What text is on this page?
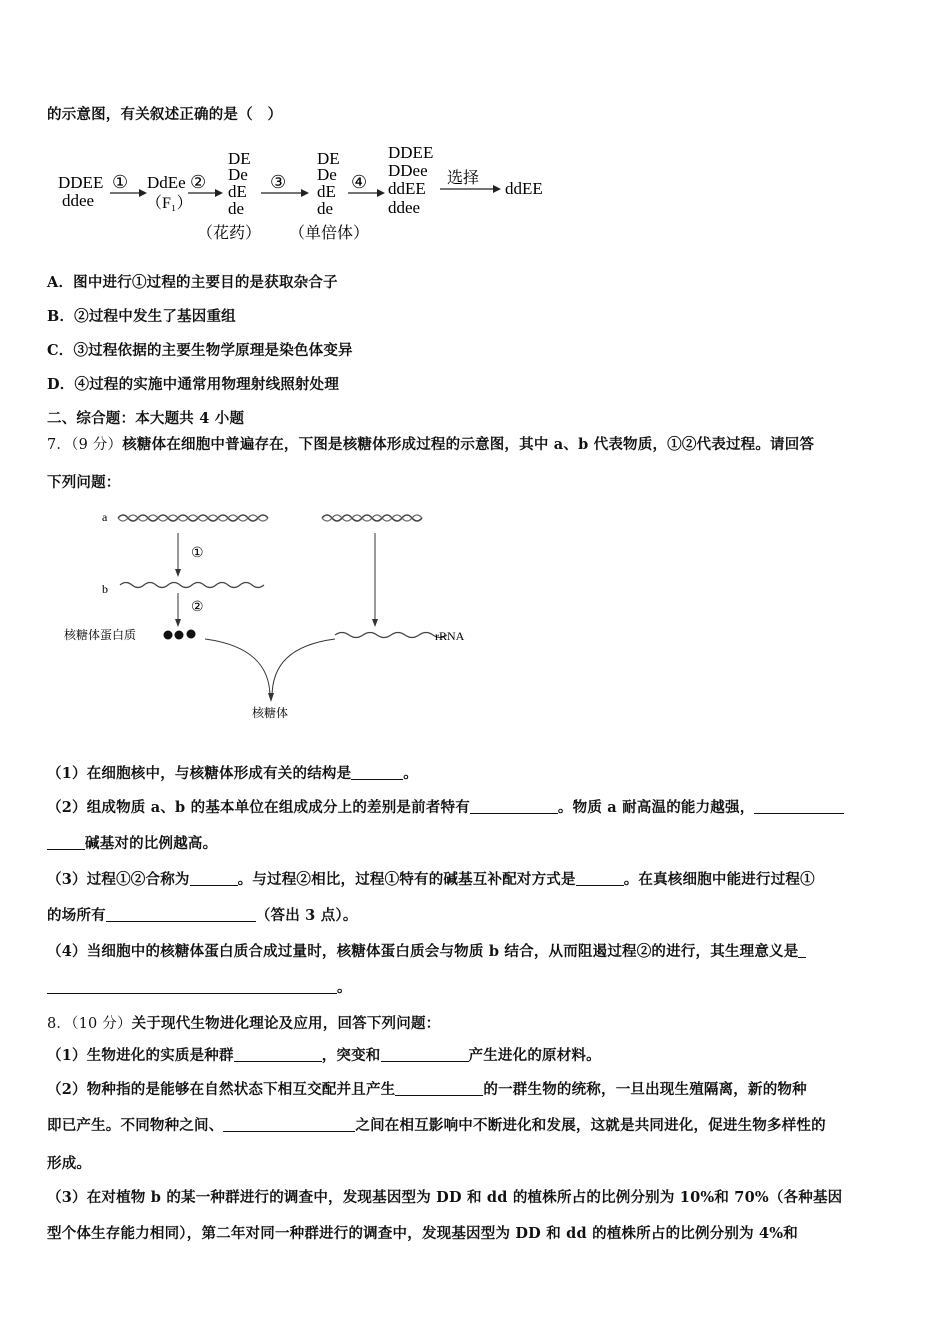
的示意图，有关叙述正确的是（　）
DDEE
ddee
① DdEe
（F₁）
②
DE
De
dE
de
（花药）
③
DE
De
dE
de
（单倍体）
④
DDEE
DDee
ddEE
ddee
选择
ddEE
A．图中进行①过程的主要目的是获取杂合子
B．②过程中发生了基因重组
C．③过程依据的主要生物学原理是染色体变异
D．④过程的实施中通常用物理射线照射处理
二、综合题：本大题共 4 小题
7．（9 分）核糖体在细胞中普遍存在，下图是核糖体形成过程的示意图，其中 a、b 代表物质，①②代表过程。请回答
下列问题：
a
①
b
②
核糖体蛋白质	rRNA
核糖体
（1）在细胞核中，与核糖体形成有关的结构是	。
（2）组成物质 a、b 的基本单位在组成成分上的差别是前者特有	。物质 a 耐高温的能力越强，
碱基对的比例越高。
（3）过程①②合称为	。与过程②相比，过程①特有的碱基互补配对方式是	。在真核细胞中能进行过程①
的场所有	（答出 3 点）。
（4）当细胞中的核糖体蛋白质合成过量时，核糖体蛋白质会与物质 b 结合，从而阻遏过程②的进行，其生理意义是
。
8．（10 分）关于现代生物进化理论及应用，回答下列问题：
（1）生物进化的实质是种群	，突变和	产生进化的原材料。
（2）物种指的是能够在自然状态下相互交配并且产生	的一群生物的统称，一旦出现生殖隔离，新的物种
即已产生。不同物种之间、	之间在相互影响中不断进化和发展，这就是共同进化，促进生物多样性的
形成。
（3）在对植物 b 的某一种群进行的调查中，发现基因型为 DD 和 dd 的植株所占的比例分别为 10%和 70%（各种基因
型个体生存能力相同），第二年对同一种群进行的调查中，发现基因型为 DD 和 dd 的植株所占的比例分别为 4%和
